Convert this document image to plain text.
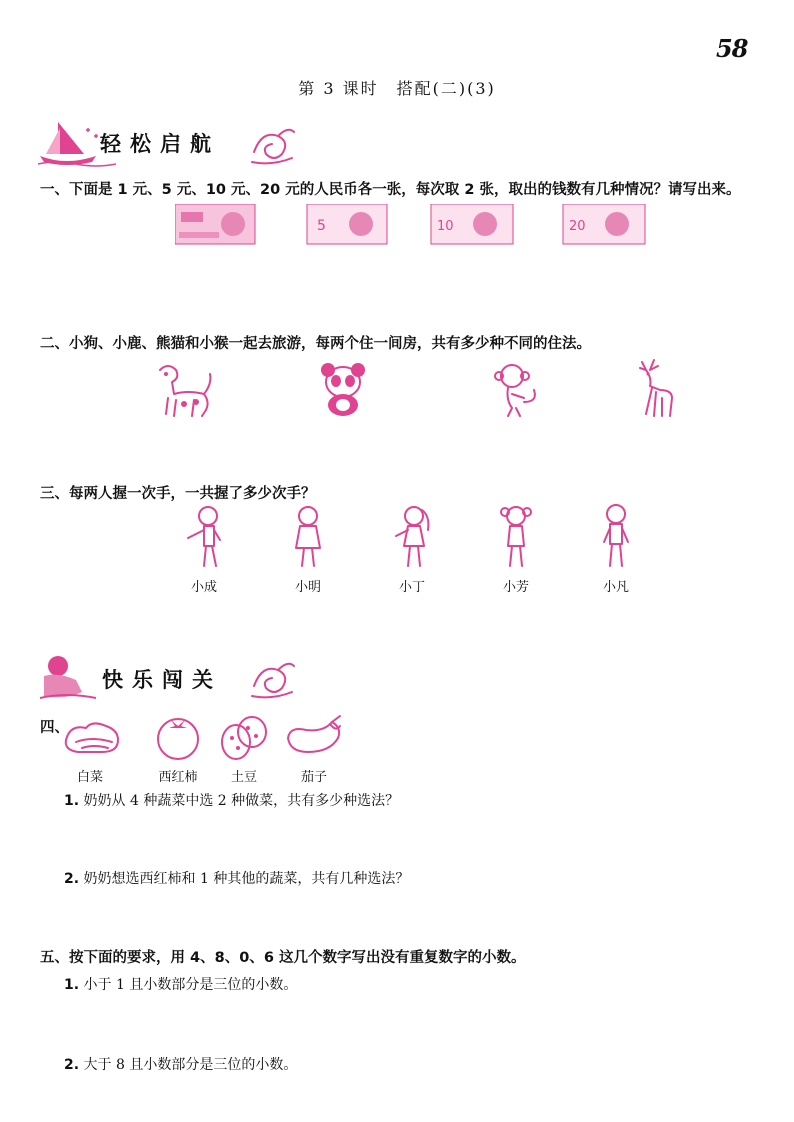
58
第 3 课时　搭配(二)(3)
轻松启航
一、下面是 1 元、5 元、10 元、20 元的人民币各一张，每次取 2 张，取出的钱数有几种情况？请写出来。
5	10	20
二、小狗、小鹿、熊猫和小猴一起去旅游，每两个住一间房，共有多少种不同的住法。
三、每两人握一次手，一共握了多少次手？
小成	小明	小丁	小芳	小凡
快乐闯关
四、
白菜	西红柿	土豆	茄子
1. 奶奶从 4 种蔬菜中选 2 种做菜，共有多少种选法？
2. 奶奶想选西红柿和 1 种其他的蔬菜，共有几种选法？
五、按下面的要求，用 4、8、0、6 这几个数字写出没有重复数字的小数。
1. 小于 1 且小数部分是三位的小数。
2. 大于 8 且小数部分是三位的小数。
